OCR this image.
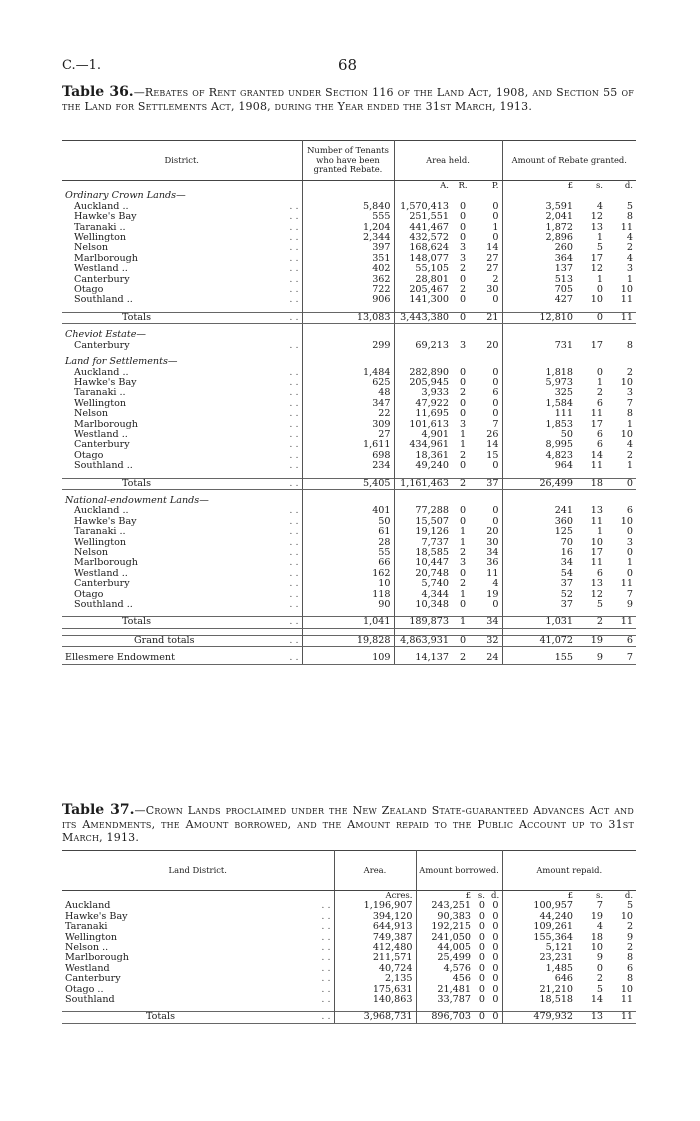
C.—1.	68
Table 36.—Rebates of Rent granted under Section 116 of the Land Act, 1908, and Section 55 of the Land for Settlements Act, 1908, during the Year ended the 31st March, 1913.
District.	Number of Tenants who have been granted Rebate.	Area held.			Amount of Rebate granted.		
		A.	R.	P.	£	s.	d.
Ordinary Crown Lands—							

. .
Auckland ..	5,840	1,570,413	0	0	3,591	4	5

. .
Hawke's Bay	555	251,551	0	0	2,041	12	8

. .
Taranaki ..	1,204	441,467	0	1	1,872	13	11

. .
Wellington	2,344	432,572	0	0	2,896	1	4

. .
Nelson	397	168,624	3	14	260	5	2

. .
Marlborough	351	148,077	3	27	364	17	4

. .
Westland ..	402	55,105	2	27	137	12	3

. .
Canterbury	362	28,801	0	2	513	1	1

. .
Otago	722	205,467	2	30	705	0	10

. .
Southland ..	906	141,300	0	0	427	10	11

. .
Totals	13,083	3,443,380	0	21	12,810	0	11

Cheviot Estate—							

. .
Canterbury	299	69,213	3	20	731	17	8

Land for Settlements—							

. .
Auckland ..	1,484	282,890	0	0	1,818	0	2

. .
Hawke's Bay	625	205,945	0	0	5,973	1	10

. .
Taranaki ..	48	3,933	2	6	325	2	3

. .
Wellington	347	47,922	0	0	1,584	6	7

. .
Nelson	22	11,695	0	0	111	11	8

. .
Marlborough	309	101,613	3	7	1,853	17	1

. .
Westland ..	27	4,901	1	26	50	6	10

. .
Canterbury	1,611	434,961	1	14	8,995	6	4

. .
Otago	698	18,361	2	15	4,823	14	2

. .
Southland ..	234	49,240	0	0	964	11	1

. .
Totals	5,405	1,161,463	2	37	26,499	18	0

National-endowment Lands—							

. .
Auckland ..	401	77,288	0	0	241	13	6

. .
Hawke's Bay	50	15,507	0	0	360	11	10

. .
Taranaki ..	61	19,126	1	20	125	1	0

. .
Wellington	28	7,737	1	30	70	10	3

. .
Nelson	55	18,585	2	34	16	17	0

. .
Marlborough	66	10,447	3	36	34	11	1

. .
Westland ..	162	20,748	0	11	54	6	0

. .
Canterbury	10	5,740	2	4	37	13	11

. .
Otago	118	4,344	1	19	52	12	7

. .
Southland ..	90	10,348	0	0	37	5	9

. .
Totals	1,041	189,873	1	34	1,031	2	11

. .
Grand totals	19,828	4,863,931	0	32	41,072	19	6

. .
Ellesmere Endowment	109	14,137	2	24	155	9	7
Table 37.—Crown Lands proclaimed under the New Zealand State-guaranteed Advances Act and its Amendments, the Amount borrowed, and the Amount repaid to the Public Account up to 31st March, 1913.
Land District.	Area.	Amount borrowed.			Amount repaid.		
	Acres.	£	s.	d.	£	s.	d.

. .
Auckland	1,196,907	243,251	0	0	100,957	7	5

. .
Hawke's Bay	394,120	90,383	0	0	44,240	19	10

. .
Taranaki	644,913	192,215	0	0	109,261	4	2

. .
Wellington	749,387	241,050	0	0	155,364	18	9

. .
Nelson ..	412,480	44,005	0	0	5,121	10	2

. .
Marlborough	211,571	25,499	0	0	23,231	9	8

. .
Westland	40,724	4,576	0	0	1,485	0	6

. .
Canterbury	2,135	456	0	0	646	2	8

. .
Otago ..	175,631	21,481	0	0	21,210	5	10

. .
Southland	140,863	33,787	0	0	18,518	14	11

. .
Totals	3,968,731	896,703	0	0	479,932	13	11
